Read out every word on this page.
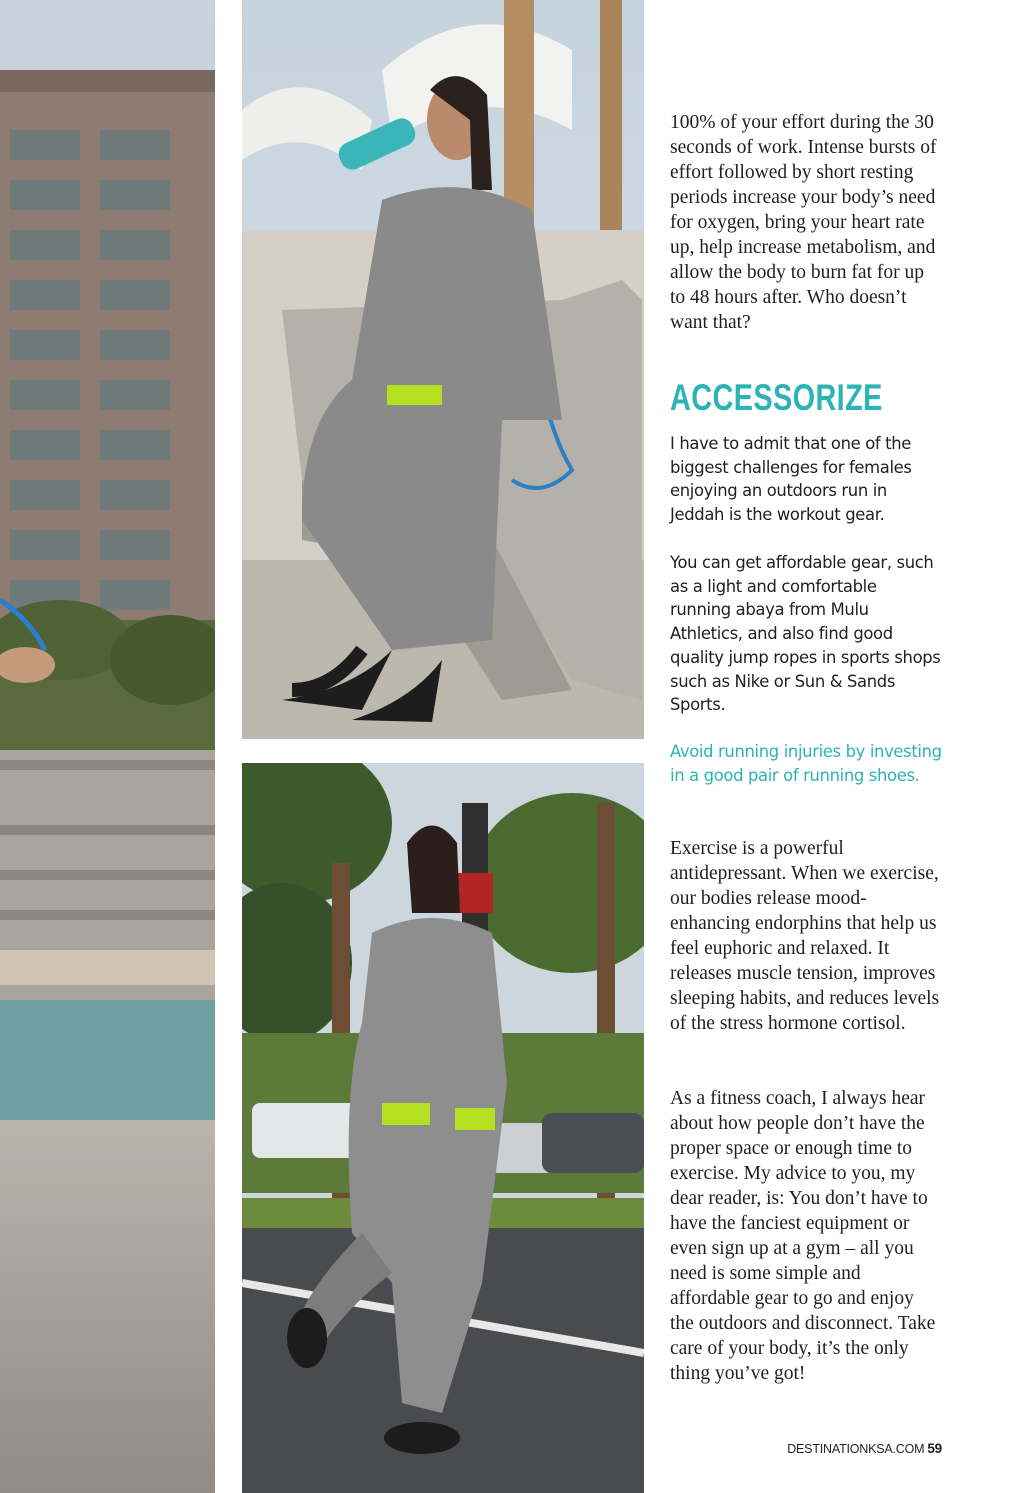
100% of your effort during the 30 seconds of work. Intense bursts of effort followed by short resting periods increase your body’s need for oxygen, bring your heart rate up, help increase metabolism, and allow the body to burn fat for up to 48 hours after. Who doesn’t want that?

ACCESSORIZE

I have to admit that one of the biggest challenges for females enjoying an outdoors run in Jeddah is the workout gear.

You can get affordable gear, such as a light and comfortable running abaya from Mulu Athletics, and also find good quality jump ropes in sports shops such as Nike or Sun & Sands Sports.

Avoid running injuries by investing in a good pair of running shoes.

Exercise is a powerful antidepressant. When we exercise, our bodies release mood-enhancing endorphins that help us feel euphoric and relaxed. It releases muscle tension, improves sleeping habits, and reduces levels of the stress hormone cortisol.

As a fitness coach, I always hear about how people don’t have the proper space or enough time to exercise. My advice to you, my dear reader, is: You don’t have to have the fanciest equipment or even sign up at a gym – all you need is some simple and affordable gear to go and enjoy the outdoors and disconnect. Take care of your body, it’s the only thing you’ve got!

DESTINATIONKSA.COM 59
